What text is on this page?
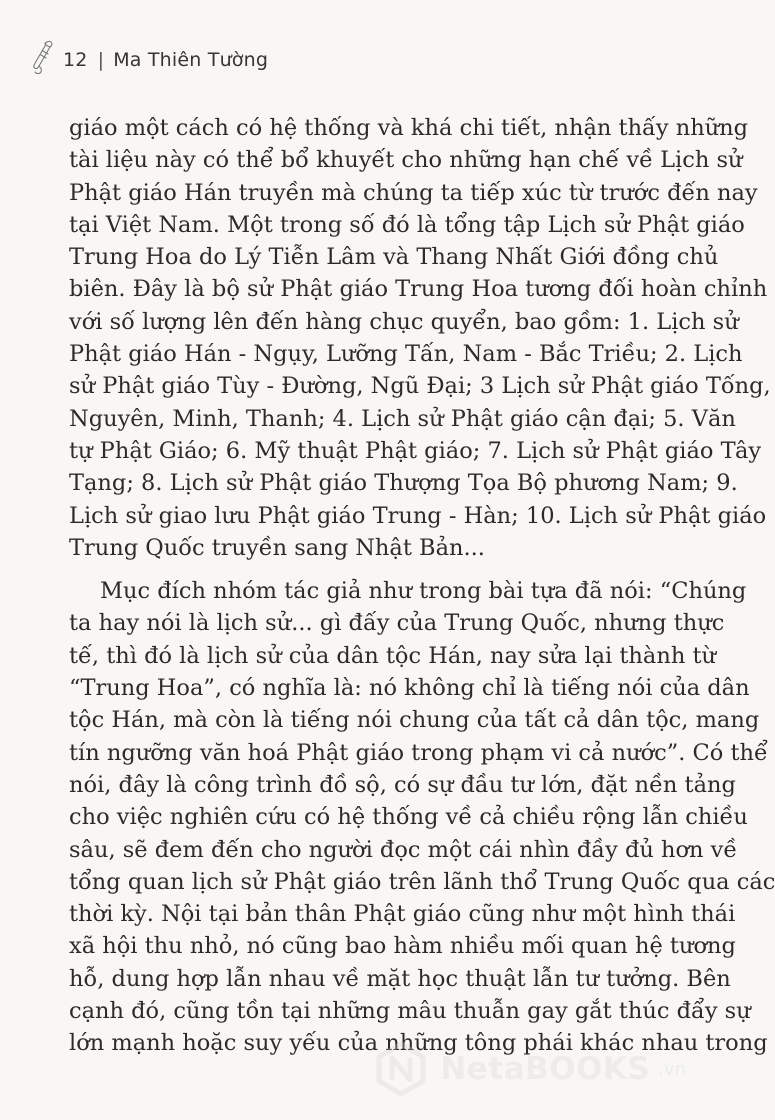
12 | Ma Thiên Tường
giáo một cách có hệ thống và khá chi tiết, nhận thấy những
tài liệu này có thể bổ khuyết cho những hạn chế về Lịch sử
Phật giáo Hán truyền mà chúng ta tiếp xúc từ trước đến nay
tại Việt Nam. Một trong số đó là tổng tập Lịch sử Phật giáo
Trung Hoa do Lý Tiễn Lâm và Thang Nhất Giới đồng chủ
biên. Đây là bộ sử Phật giáo Trung Hoa tương đối hoàn chỉnh
với số lượng lên đến hàng chục quyển, bao gồm: 1. Lịch sử
Phật giáo Hán - Ngụy, Lưỡng Tấn, Nam - Bắc Triều; 2. Lịch
sử Phật giáo Tùy - Đường, Ngũ Đại; 3 Lịch sử Phật giáo Tống,
Nguyên, Minh, Thanh; 4. Lịch sử Phật giáo cận đại; 5. Văn
tự Phật Giáo; 6. Mỹ thuật Phật giáo; 7. Lịch sử Phật giáo Tây
Tạng; 8. Lịch sử Phật giáo Thượng Tọa Bộ phương Nam; 9.
Lịch sử giao lưu Phật giáo Trung - Hàn; 10. Lịch sử Phật giáo
Trung Quốc truyền sang Nhật Bản...
Mục đích nhóm tác giả như trong bài tựa đã nói: “Chúng
ta hay nói là lịch sử... gì đấy của Trung Quốc, nhưng thực
tế, thì đó là lịch sử của dân tộc Hán, nay sửa lại thành từ
“Trung Hoa”, có nghĩa là: nó không chỉ là tiếng nói của dân
tộc Hán, mà còn là tiếng nói chung của tất cả dân tộc, mang
tín ngưỡng văn hoá Phật giáo trong phạm vi cả nước”. Có thể
nói, đây là công trình đồ sộ, có sự đầu tư lớn, đặt nền tảng
cho việc nghiên cứu có hệ thống về cả chiều rộng lẫn chiều
sâu, sẽ đem đến cho người đọc một cái nhìn đầy đủ hơn về
tổng quan lịch sử Phật giáo trên lãnh thổ Trung Quốc qua các
thời kỳ. Nội tại bản thân Phật giáo cũng như một hình thái
xã hội thu nhỏ, nó cũng bao hàm nhiều mối quan hệ tương
hỗ, dung hợp lẫn nhau về mặt học thuật lẫn tư tưởng. Bên
cạnh đó, cũng tồn tại những mâu thuẫn gay gắt thúc đẩy sự
lớn mạnh hoặc suy yếu của những tông phái khác nhau trong
NetaBOOKS .vn
